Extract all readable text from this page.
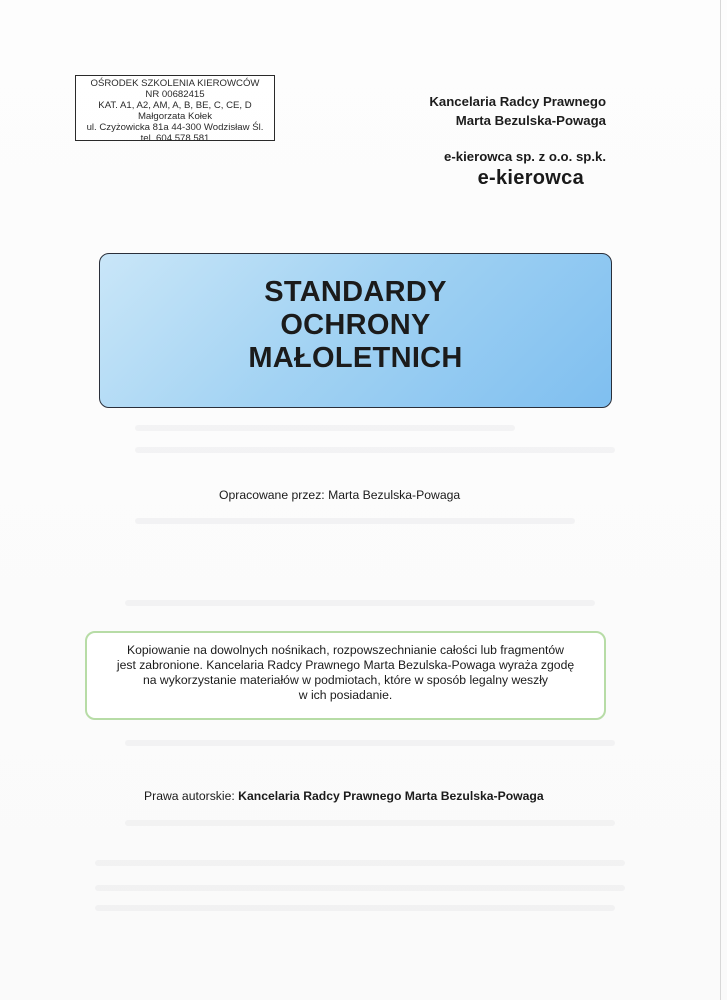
OŚRODEK SZKOLENIA KIEROWCÓW
NR 00682415
KAT. A1, A2, AM, A, B, BE, C, CE, D
Małgorzata Kołek
ul. Czyżowicka 81a 44-300 Wodzisław Śl.
tel. 604 578 581
Kancelaria Radcy Prawnego
Marta Bezulska-Powaga
e-kierowca sp. z o.o. sp.k.
e-kierowca
STANDARDY
OCHRONY
MAŁOLETNICH
Opracowane przez: Marta Bezulska-Powaga
Kopiowanie na dowolnych nośnikach, rozpowszechnianie całości lub fragmentów
jest zabronione. Kancelaria Radcy Prawnego Marta Bezulska-Powaga wyraża zgodę
na wykorzystanie materiałów w podmiotach, które w sposób legalny weszły
w ich posiadanie.
Prawa autorskie: Kancelaria Radcy Prawnego Marta Bezulska-Powaga
